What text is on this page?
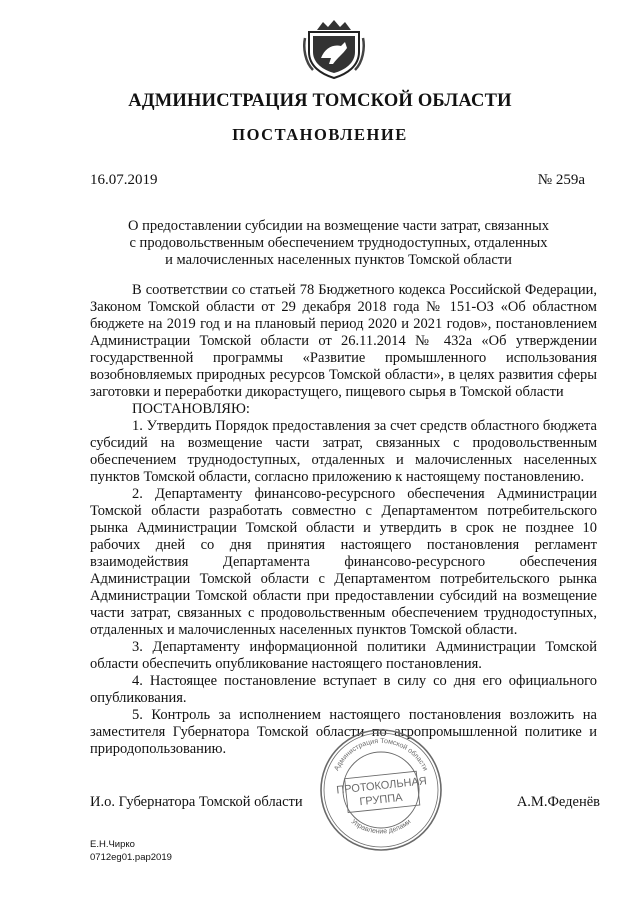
АДМИНИСТРАЦИЯ ТОМСКОЙ ОБЛАСТИ
ПОСТАНОВЛЕНИЕ
16.07.2019	№ 259а
О предоставлении субсидии на возмещение части затрат, связанных
с продовольственным обеспечением труднодоступных, отдаленных
и малочисленных населенных пунктов Томской области

В соответствии со статьей 78 Бюджетного кодекса Российской Федерации, Законом Томской области от 29 декабря 2018 года № 151-ОЗ «Об областном бюджете на 2019 год и на плановый период 2020 и 2021 годов», постановлением Администрации Томской области от 26.11.2014 № 432а «Об утверждении государственной программы «Развитие промышленного использования возобновляемых природных ресурсов Томской области», в целях развития сферы заготовки и переработки дикорастущего, пищевого сырья в Томской области

ПОСТАНОВЛЯЮ:

1. Утвердить Порядок предоставления за счет средств областного бюджета субсидий на возмещение части затрат, связанных с продовольственным обеспечением труднодоступных, отдаленных и малочисленных населенных пунктов Томской области, согласно приложению к настоящему постановлению.

2. Департаменту финансово-ресурсного обеспечения Администрации Томской области разработать совместно с Департаментом потребительского рынка Администрации Томской области и утвердить в срок не позднее 10 рабочих дней со дня принятия настоящего постановления регламент взаимодействия Департамента финансово-ресурсного обеспечения Администрации Томской области с Департаментом потребительского рынка Администрации Томской области при предоставлении субсидий на возмещение части затрат, связанных с продовольственным обеспечением труднодоступных, отдаленных и малочисленных населенных пунктов Томской области.

3. Департаменту информационной политики Администрации Томской области обеспечить опубликование настоящего постановления.

4. Настоящее постановление вступает в силу со дня его официального опубликования.

5. Контроль за исполнением настоящего постановления возложить на заместителя Губернатора Томской области по агропромышленной политике и природопользованию.

И.о. Губернатора Томской области	А.М.Феденёв
Администрация Томской области
Управление делами
ПРОТОКОЛЬНАЯ
ГРУППА
Е.Н.Чирко
0712eg01.рар2019
